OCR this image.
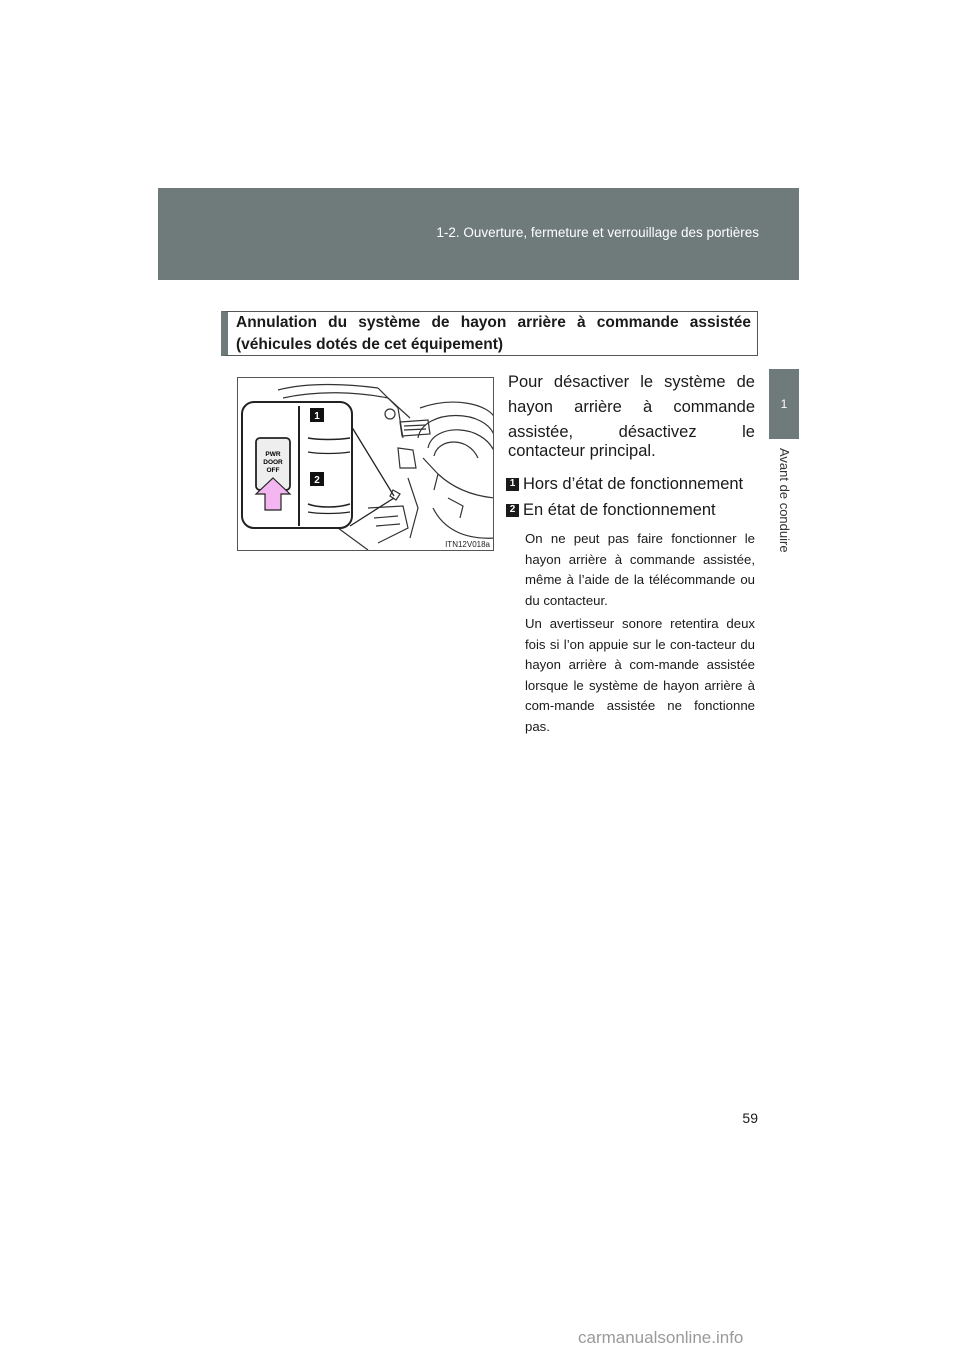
1-2. Ouverture, fermeture et verrouillage des portières
1
Avant de conduire

Annulation du système de hayon arrière à commande assistée (véhicules dotés de cet équipement)

PWR
DOOR
OFF
1
2
ITN12V018a

Pour désactiver le système de hayon arrière à commande assistée, désactivez le

contacteur principal.

1 Hors d’état de fonctionnement
2 En état de fonctionnement

On ne peut pas faire fonctionner le hayon arrière à commande assistée, même à l’aide de la télécommande ou du contacteur.

Un avertisseur sonore retentira deux fois si l’on appuie sur le con-tacteur du hayon arrière à com-mande assistée lorsque le système de hayon arrière à com-mande assistée ne fonctionne pas.

59
carmanualsonline.info
